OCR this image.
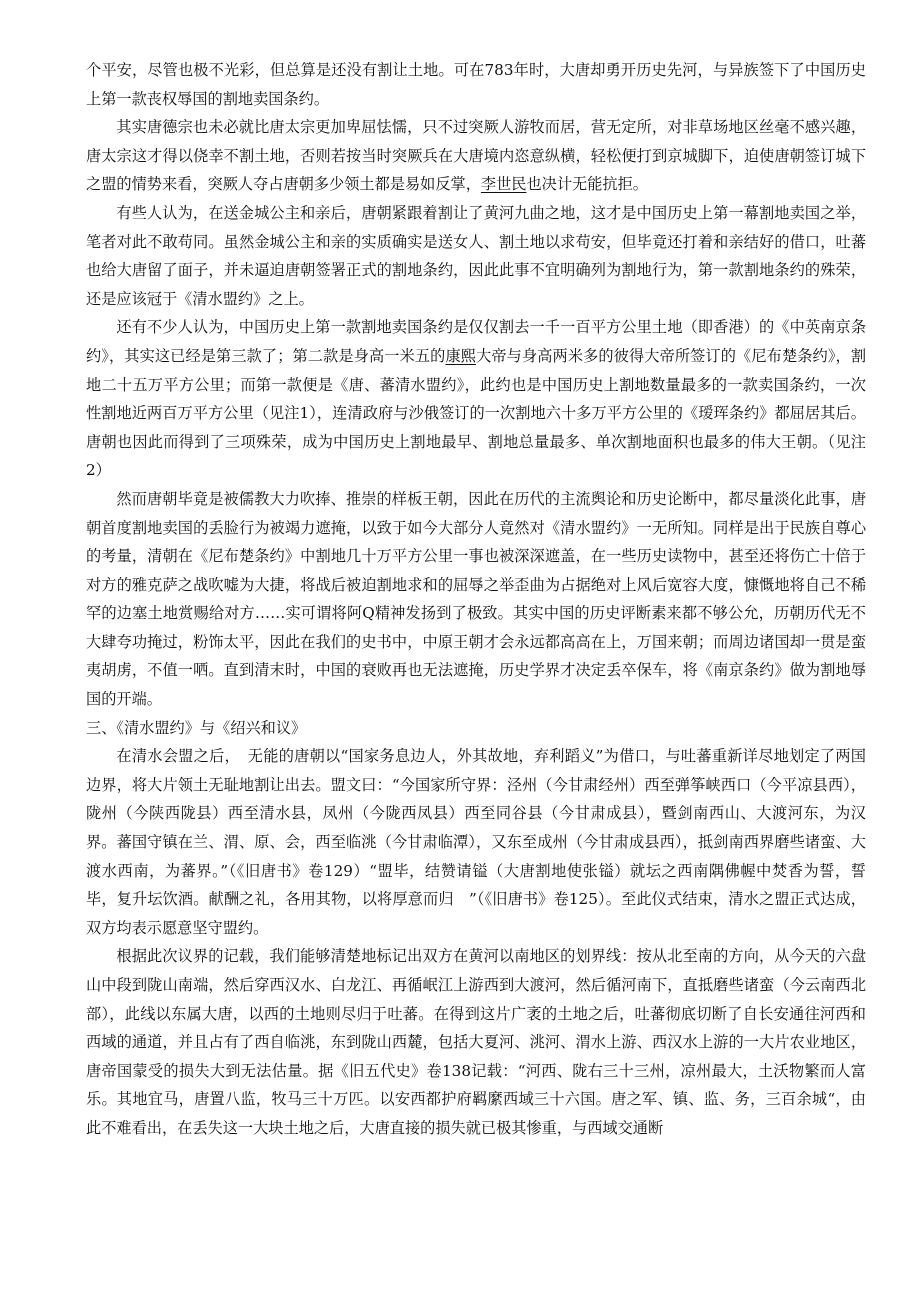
个平安，尽管也极不光彩，但总算是还没有割让土地。可在783年时，大唐却勇开历史先河，与异族签下了中国历史上第一款丧权辱国的割地卖国条约。

其实唐德宗也未必就比唐太宗更加卑屈怯懦，只不过突厥人游牧而居，营无定所，对非草场地区丝毫不感兴趣，唐太宗这才得以侥幸不割土地，否则若按当时突厥兵在大唐境内恣意纵横，轻松便打到京城脚下，迫使唐朝签订城下之盟的情势来看，突厥人夺占唐朝多少领土都是易如反掌，李世民也决计无能抗拒。

有些人认为，在送金城公主和亲后，唐朝紧跟着割让了黄河九曲之地，这才是中国历史上第一幕割地卖国之举，笔者对此不敢苟同。虽然金城公主和亲的实质确实是送女人、割土地以求苟安，但毕竟还打着和亲结好的借口，吐蕃也给大唐留了面子，并未逼迫唐朝签署正式的割地条约，因此此事不宜明确列为割地行为，第一款割地条约的殊荣，还是应该冠于《清水盟约》之上。

还有不少人认为，中国历史上第一款割地卖国条约是仅仅割去一千一百平方公里土地（即香港）的《中英南京条约》，其实这已经是第三款了；第二款是身高一米五的康熙大帝与身高两米多的彼得大帝所签订的《尼布楚条约》，割地二十五万平方公里；而第一款便是《唐、蕃清水盟约》，此约也是中国历史上割地数量最多的一款卖国条约，一次性割地近两百万平方公里（见注1），连清政府与沙俄签订的一次割地六十多万平方公里的《瑷珲条约》都屈居其后。唐朝也因此而得到了三项殊荣，成为中国历史上割地最早、割地总量最多、单次割地面积也最多的伟大王朝。（见注2）

然而唐朝毕竟是被儒教大力吹捧、推崇的样板王朝，因此在历代的主流舆论和历史论断中，都尽量淡化此事，唐朝首度割地卖国的丢脸行为被竭力遮掩，以致于如今大部分人竟然对《清水盟约》一无所知。同样是出于民族自尊心的考量，清朝在《尼布楚条约》中割地几十万平方公里一事也被深深遮盖，在一些历史读物中，甚至还将伤亡十倍于对方的雅克萨之战吹嘘为大捷，将战后被迫割地求和的屈辱之举歪曲为占据绝对上风后宽容大度，慷慨地将自己不稀罕的边塞土地赏赐给对方……实可谓将阿Q精神发扬到了极致。其实中国的历史评断素来都不够公允，历朝历代无不大肆夸功掩过，粉饰太平，因此在我们的史书中，中原王朝才会永远都高高在上，万国来朝；而周边诸国却一贯是蛮夷胡虏，不值一哂。直到清末时，中国的衰败再也无法遮掩，历史学界才决定丢卒保车，将《南京条约》做为割地辱国的开端。

三、《清水盟约》与《绍兴和议》

在清水会盟之后，　无能的唐朝以“国家务息边人，外其故地，弃利蹈义”为借口，与吐蕃重新详尽地划定了两国边界，将大片领土无耻地割让出去。盟文曰：“今国家所守界：泾州（今甘肃经州）西至弹筝峡西口（今平凉县西），陇州（今陕西陇县）西至清水县，凤州（今陇西凤县）西至同谷县（今甘肃成县），暨剑南西山、大渡河东，为汉界。蕃国守镇在兰、渭、原、会，西至临洮（今甘肃临潭），又东至成州（今甘肃成县西），抵剑南西界磨些诸蛮、大渡水西南，为蕃界。”（《旧唐书》卷129）“盟毕，结赞请镒（大唐割地使张镒）就坛之西南隅佛幄中焚香为誓，誓毕，复升坛饮酒。献酬之礼，各用其物，以将厚意而归　”（《旧唐书》卷125）。至此仪式结束，清水之盟正式达成，双方均表示愿意坚守盟约。

根据此次议界的记载，我们能够清楚地标记出双方在黄河以南地区的划界线：按从北至南的方向，从今天的六盘山中段到陇山南端，然后穿西汉水、白龙江、再循岷江上游西到大渡河，然后循河南下，直抵磨些诸蛮（今云南西北部），此线以东属大唐，以西的土地则尽归于吐蕃。在得到这片广袤的土地之后，吐蕃彻底切断了自长安通往河西和西域的通道，并且占有了西自临洮，东到陇山西麓，包括大夏河、洮河、渭水上游、西汉水上游的一大片农业地区，唐帝国蒙受的损失大到无法估量。据《旧五代史》卷138记载：“河西、陇右三十三州，凉州最大，土沃物繁而人富乐。其地宜马，唐置八监，牧马三十万匹。以安西都护府羁縻西域三十六国。唐之军、镇、监、务，三百余城“，由此不难看出，在丢失这一大块土地之后，大唐直接的损失就已极其惨重，与西域交通断
